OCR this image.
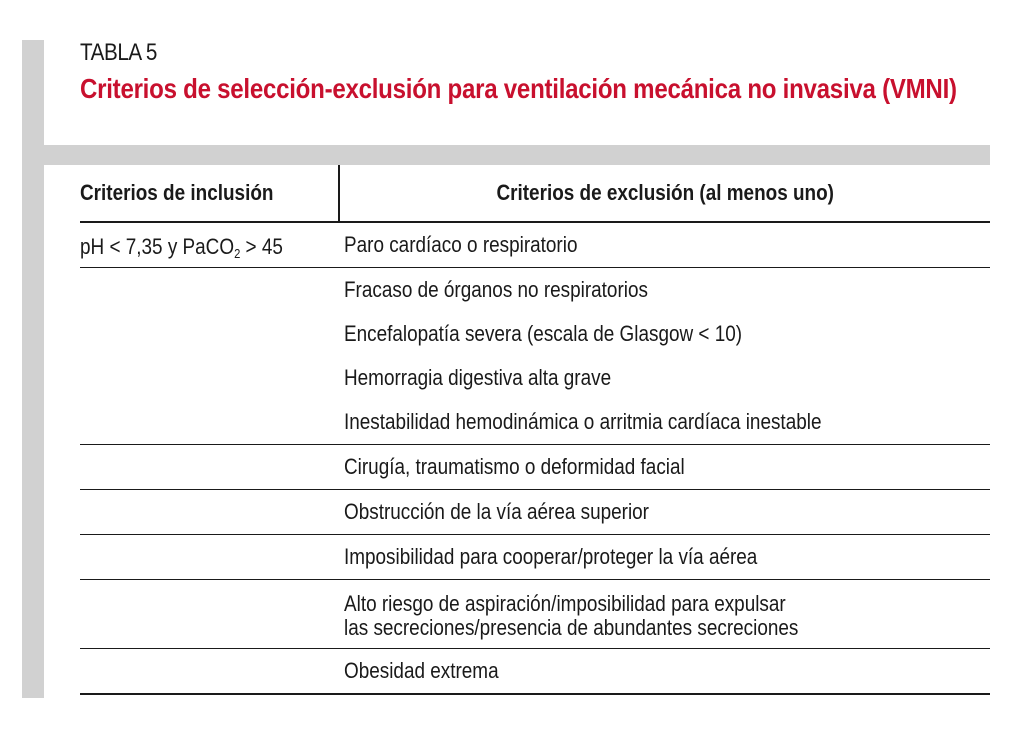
TABLA 5
Criterios de selección-exclusión para ventilación mecánica no invasiva (VMNI)
Criterios de inclusión	Criterios de exclusión (al menos uno)
pH < 7,35 y PaCO$_2$ > 45	Paro cardíaco o respiratorio
Fracaso de órganos no respiratorios
Encefalopatía severa (escala de Glasgow < 10)
Hemorragia digestiva alta grave
Inestabilidad hemodinámica o arritmia cardíaca inestable
Cirugía, traumatismo o deformidad facial
Obstrucción de la vía aérea superior
Imposibilidad para cooperar/proteger la vía aérea
Alto riesgo de aspiración/imposibilidad para expulsar
las secreciones/presencia de abundantes secreciones
Obesidad extrema
